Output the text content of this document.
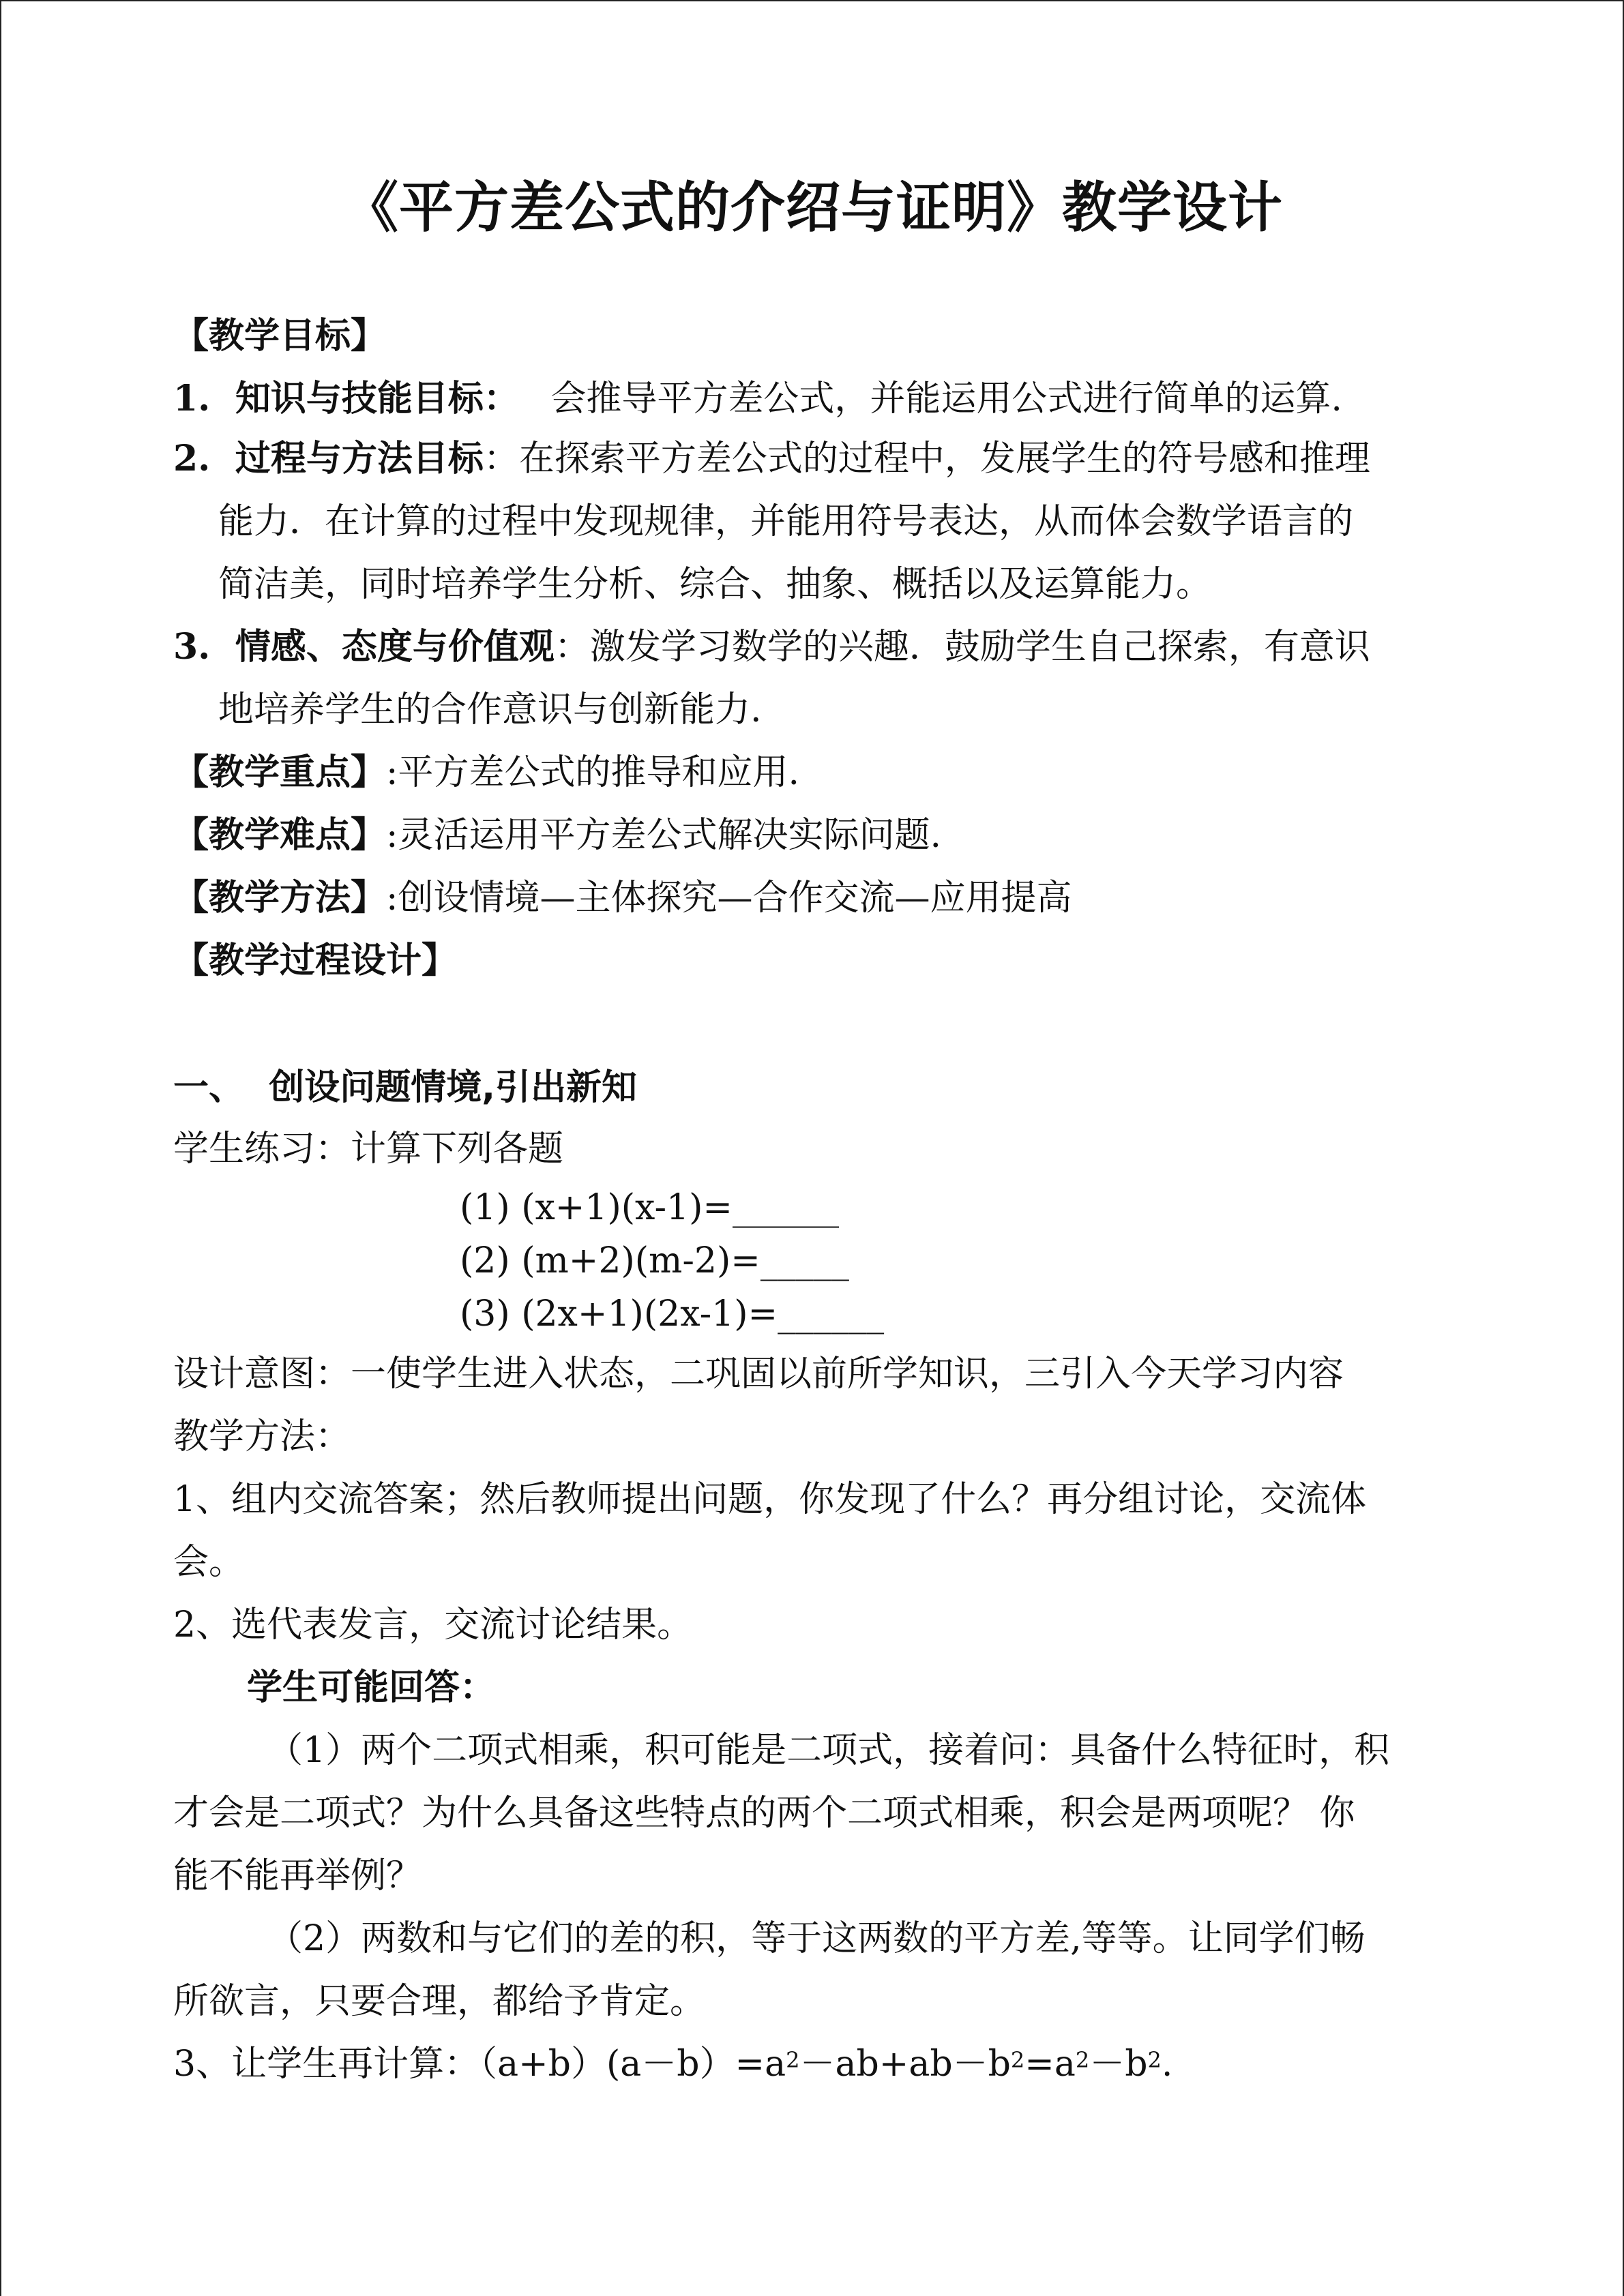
《平方差公式的介绍与证明》教学设计
【教学目标】
1. 知识与技能目标： 会推导平方差公式，并能运用公式进行简单的运算.
2. 过程与方法目标：在探索平方差公式的过程中，发展学生的符号感和推理
能力．在计算的过程中发现规律，并能用符号表达，从而体会数学语言的
简洁美，同时培养学生分析、综合、抽象、概括以及运算能力。
3. 情感、态度与价值观：激发学习数学的兴趣．鼓励学生自己探索，有意识
地培养学生的合作意识与创新能力.
【教学重点】:平方差公式的推导和应用.
【教学难点】:灵活运用平方差公式解决实际问题.
【教学方法】:创设情境—主体探究—合作交流—应用提高
【教学过程设计】
一、  创设问题情境,引出新知
学生练习：计算下列各题
(1) (x+1)(x-1)=______
(2) (m+2)(m-2)=_____
(3) (2x+1)(2x-1)=______
设计意图：一使学生进入状态，二巩固以前所学知识，三引入今天学习内容
教学方法：
1、组内交流答案；然后教师提出问题，你发现了什么？再分组讨论，交流体
会。
2、选代表发言，交流讨论结果。
学生可能回答：
（1）两个二项式相乘，积可能是二项式，接着问：具备什么特征时，积
才会是二项式？为什么具备这些特点的两个二项式相乘，积会是两项呢？ 你
能不能再举例？
（2）两数和与它们的差的积，等于这两数的平方差,等等。让同学们畅
所欲言，只要合理，都给予肯定。
3、让学生再计算：$(a+b)(a-b)=a^2-ab+ab-b^2=a^2-b^2$.
